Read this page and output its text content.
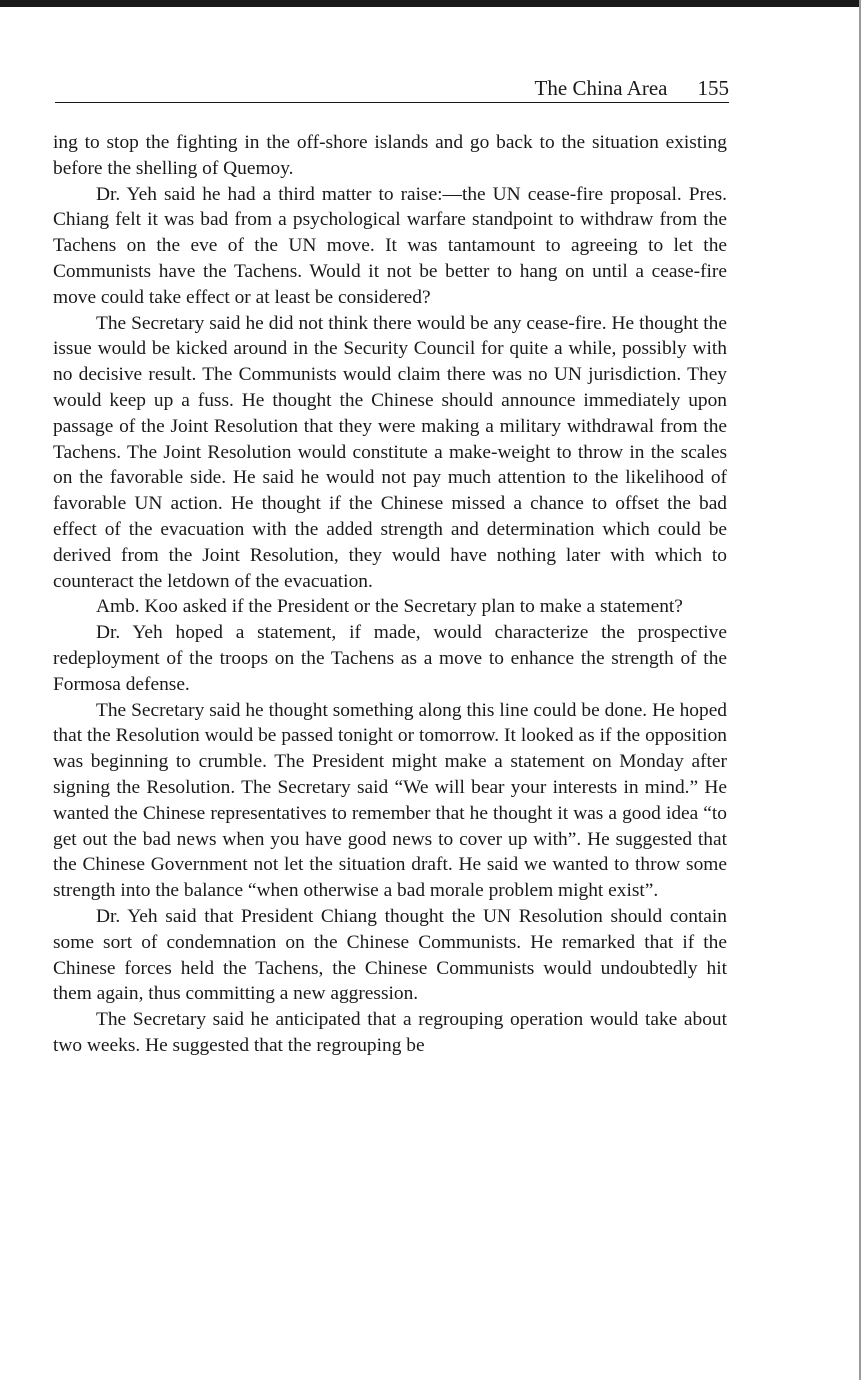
The China Area 155

ing to stop the fighting in the off-shore islands and go back to the situation existing before the shelling of Quemoy.

Dr. Yeh said he had a third matter to raise:—the UN cease-fire proposal. Pres. Chiang felt it was bad from a psychological warfare standpoint to withdraw from the Tachens on the eve of the UN move. It was tantamount to agreeing to let the Communists have the Tachens. Would it not be better to hang on until a cease-fire move could take effect or at least be considered?

The Secretary said he did not think there would be any cease-fire. He thought the issue would be kicked around in the Security Council for quite a while, possibly with no decisive result. The Communists would claim there was no UN jurisdiction. They would keep up a fuss. He thought the Chinese should announce immediately upon passage of the Joint Resolution that they were making a military withdrawal from the Tachens. The Joint Resolution would constitute a make-weight to throw in the scales on the favorable side. He said he would not pay much attention to the likelihood of favorable UN action. He thought if the Chinese missed a chance to offset the bad effect of the evacuation with the added strength and determination which could be derived from the Joint Resolution, they would have nothing later with which to counteract the letdown of the evacuation.

Amb. Koo asked if the President or the Secretary plan to make a statement?

Dr. Yeh hoped a statement, if made, would characterize the prospective redeployment of the troops on the Tachens as a move to enhance the strength of the Formosa defense.

The Secretary said he thought something along this line could be done. He hoped that the Resolution would be passed tonight or tomorrow. It looked as if the opposition was beginning to crumble. The President might make a statement on Monday after signing the Resolution. The Secretary said “We will bear your interests in mind.” He wanted the Chinese representatives to remember that he thought it was a good idea “to get out the bad news when you have good news to cover up with”. He suggested that the Chinese Government not let the situation draft. He said we wanted to throw some strength into the balance “when otherwise a bad morale problem might exist”.

Dr. Yeh said that President Chiang thought the UN Resolution should contain some sort of condemnation on the Chinese Communists. He remarked that if the Chinese forces held the Tachens, the Chinese Communists would undoubtedly hit them again, thus committing a new aggression.

The Secretary said he anticipated that a regrouping operation would take about two weeks. He suggested that the regrouping be
